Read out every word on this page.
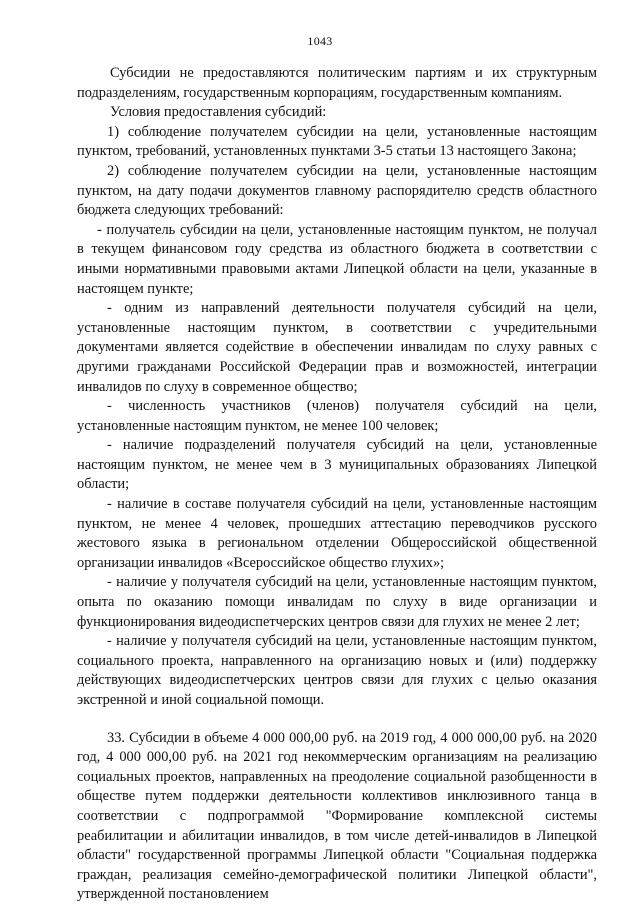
1043

Субсидии не предоставляются политическим партиям и их структурным подразделениям, государственным корпорациям, государственным компаниям.

Условия предоставления субсидий:

1) соблюдение получателем субсидии на цели, установленные настоящим пунктом, требований, установленных пунктами 3-5 статьи 13 настоящего Закона;

2) соблюдение получателем субсидии на цели, установленные настоящим пунктом, на дату подачи документов главному распорядителю средств областного бюджета следующих требований:

- получатель субсидии на цели, установленные настоящим пунктом, не получал в текущем финансовом году средства из областного бюджета в соответствии с иными нормативными правовыми актами Липецкой области на цели, указанные в настоящем пункте;

- одним из направлений деятельности получателя субсидий на цели, установленные настоящим пунктом, в соответствии с учредительными документами является содействие в обеспечении инвалидам по слуху равных с другими гражданами Российской Федерации прав и возможностей, интеграции инвалидов по слуху в современное общество;

- численность участников (членов) получателя субсидий на цели, установленные настоящим пунктом, не менее 100 человек;

- наличие подразделений получателя субсидий на цели, установленные настоящим пунктом, не менее чем в 3 муниципальных образованиях Липецкой области;

- наличие в составе получателя субсидий на цели, установленные настоящим пунктом, не менее 4 человек, прошедших аттестацию переводчиков русского жестового языка в региональном отделении Общероссийской общественной организации инвалидов «Всероссийское общество глухих»;

- наличие у получателя субсидий на цели, установленные настоящим пунктом, опыта по оказанию помощи инвалидам по слуху в виде организации и функционирования видеодиспетчерских центров связи для глухих не менее 2 лет;

- наличие у получателя субсидий на цели, установленные настоящим пунктом, социального проекта, направленного на организацию новых и (или) поддержку действующих видеодиспетчерских центров связи для глухих с целью оказания экстренной и иной социальной помощи.

33. Субсидии в объеме 4 000 000,00 руб. на 2019 год, 4 000 000,00 руб. на 2020 год, 4 000 000,00 руб. на 2021 год некоммерческим организациям на реализацию социальных проектов, направленных на преодоление социальной разобщенности в обществе путем поддержки деятельности коллективов инклюзивного танца в соответствии с подпрограммой "Формирование комплексной системы реабилитации и абилитации инвалидов, в том числе детей-инвалидов в Липецкой области" государственной программы Липецкой области "Социальная поддержка граждан, реализация семейно-демографической политики Липецкой области", утвержденной постановлением
